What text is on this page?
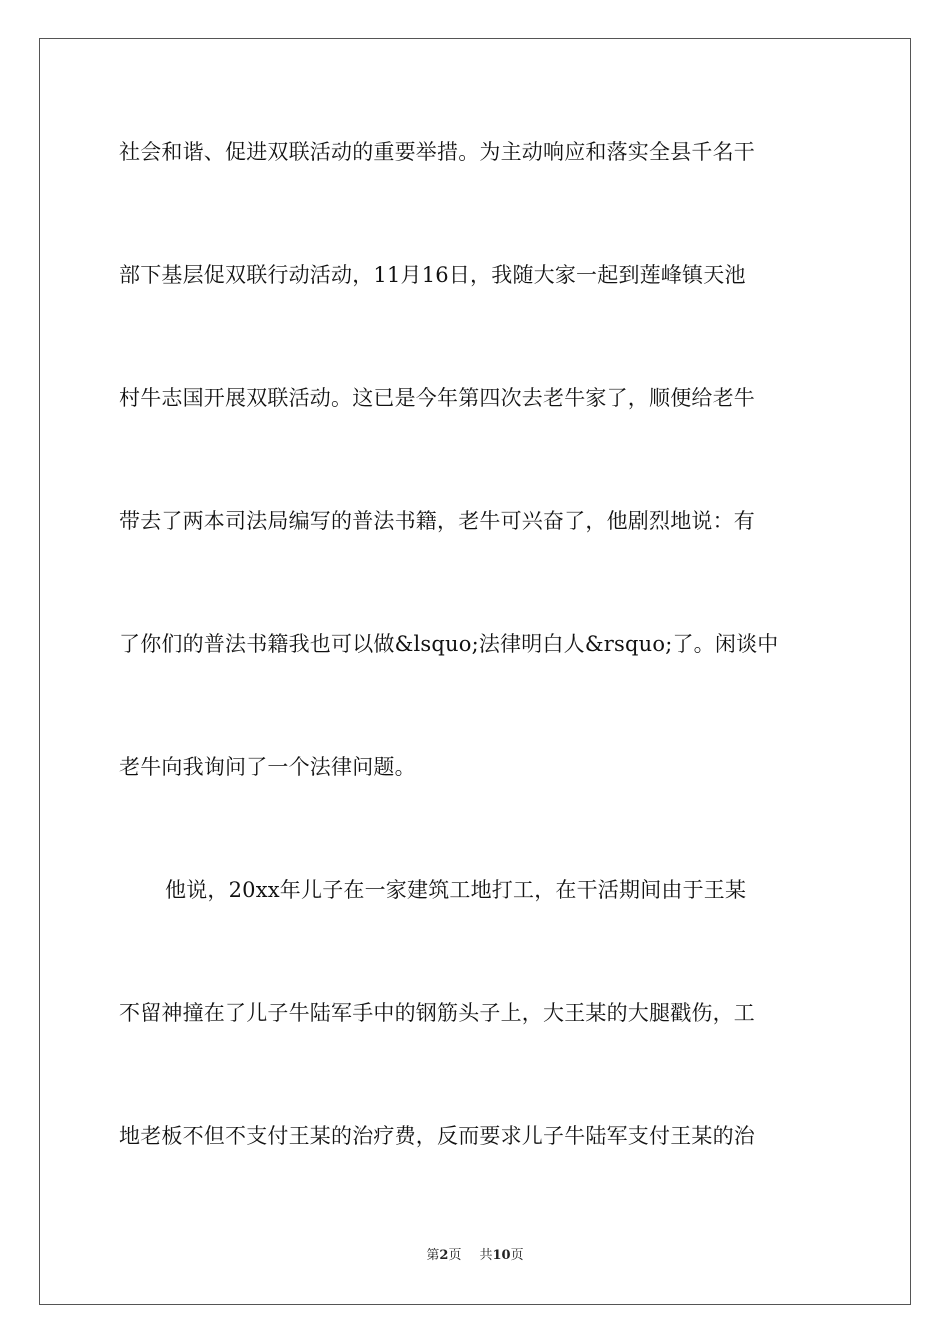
社会和谐、促进双联活动的重要举措。为主动响应和落实全县千名干
部下基层促双联行动活动，11月16日，我随大家一起到莲峰镇天池
村牛志国开展双联活动。这已是今年第四次去老牛家了，顺便给老牛
带去了两本司法局编写的普法书籍，老牛可兴奋了，他剧烈地说：有
了你们的普法书籍我也可以做&lsquo;法律明白人&rsquo;了。闲谈中
老牛向我询问了一个法律问题。
他说，20xx年儿子在一家建筑工地打工，在干活期间由于王某
不留神撞在了儿子牛陆军手中的钢筋头子上，大王某的大腿戳伤，工
地老板不但不支付王某的治疗费，反而要求儿子牛陆军支付王某的治
第2页 共10页
